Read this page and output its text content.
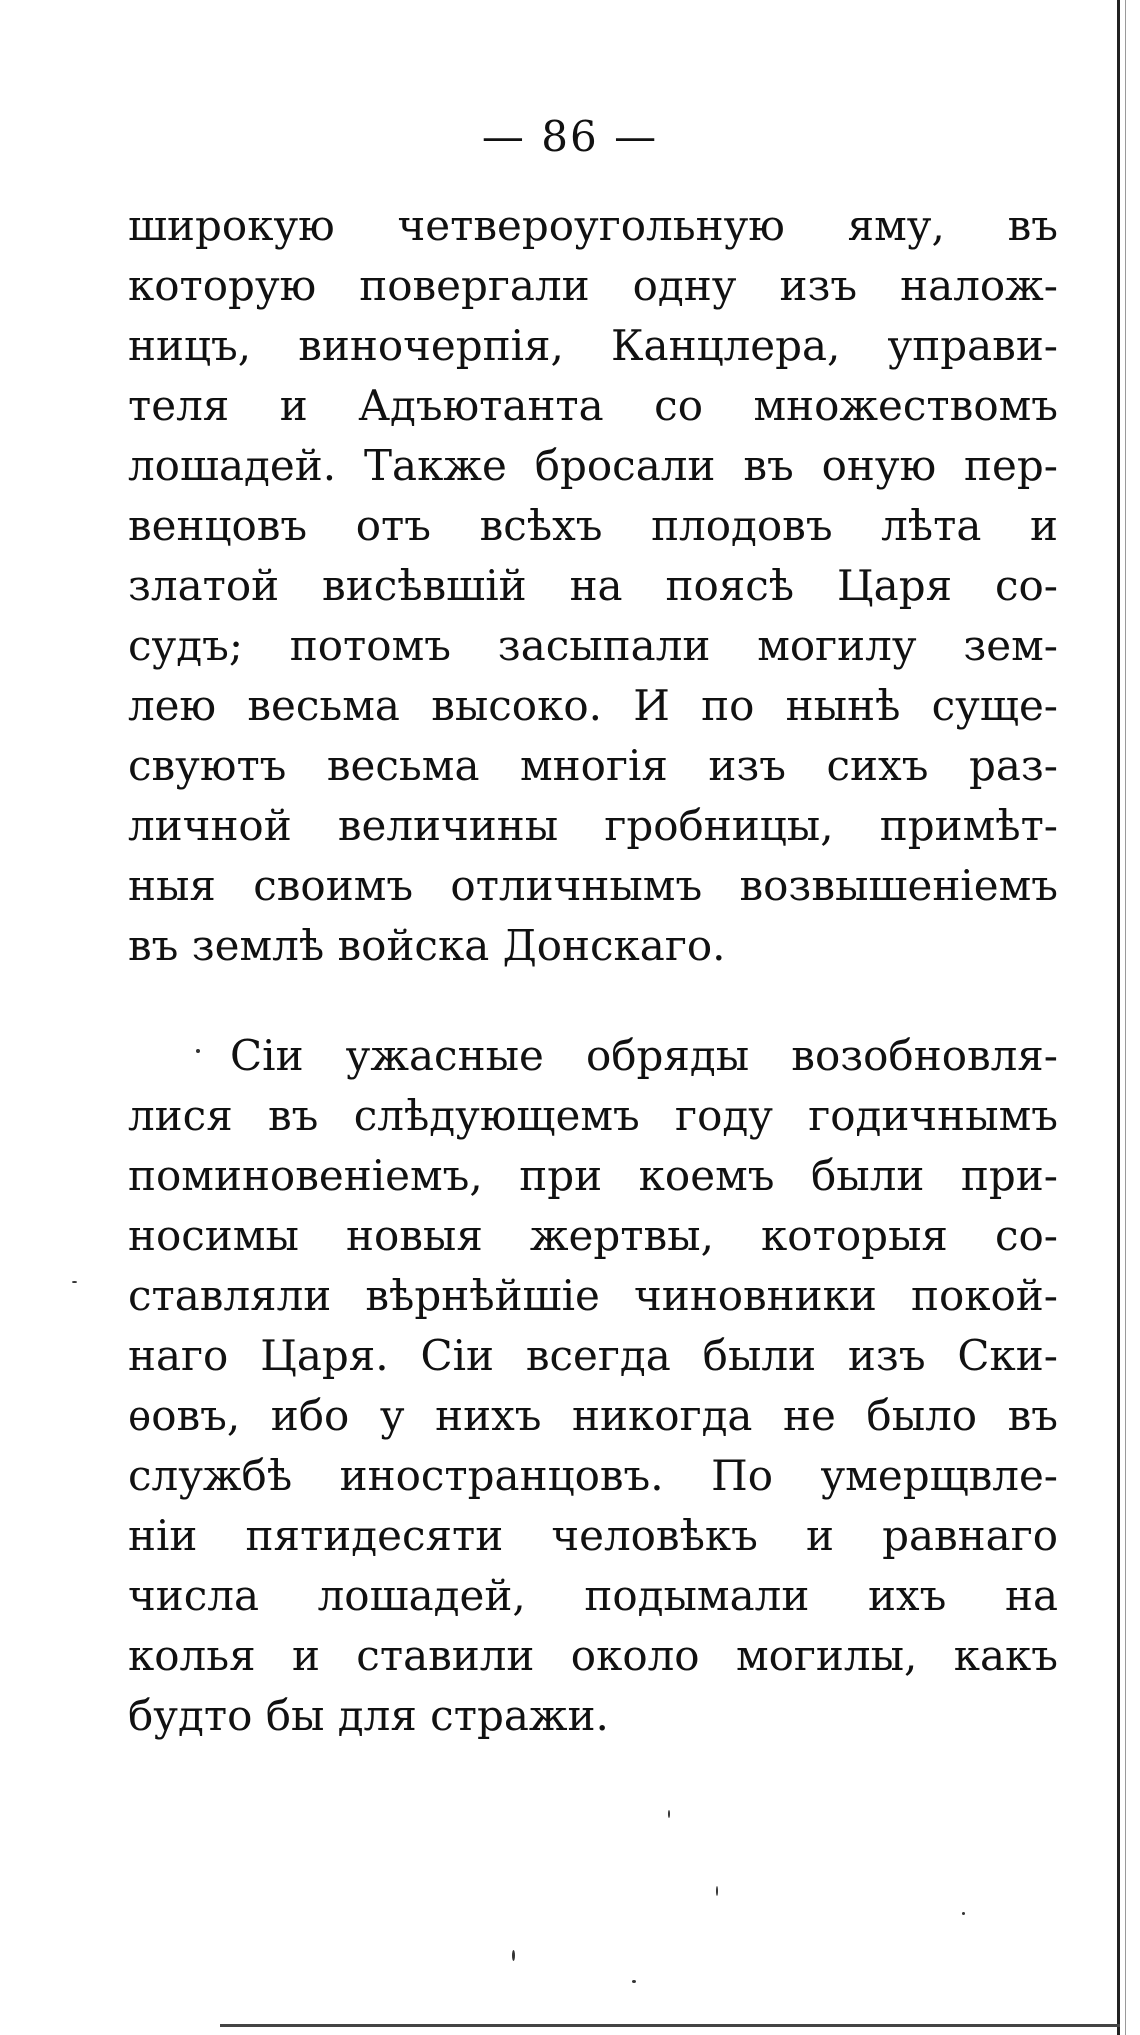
— 86 —
широкую четвероугольную яму, въ
которую повергали одну изъ налож-
ницъ, виночерпія, Канцлера, управи-
теля и Адъютанта со множествомъ
лошадей. Также бросали въ оную пер-
венцовъ отъ всѣхъ плодовъ лѣта и
златой висѣвшій на поясѣ Царя со-
судъ; потомъ засыпали могилу зем-
лею весьма высоко. И по нынѣ суще-
свуютъ весьма многія изъ сихъ раз-
личной величины гробницы, примѣт-
ныя своимъ отличнымъ возвышеніемъ
въ землѣ войска Донскаго.
Сіи ужасные обряды возобновля-
лися въ слѣдующемъ году годичнымъ
поминовеніемъ, при коемъ были при-
носимы новыя жертвы, которыя со-
ставляли вѣрнѣйшіе чиновники покой-
наго Царя. Сіи всегда были изъ Ски-
ѳовъ, ибо у нихъ никогда не было въ
службѣ иностранцовъ. По умерщвле-
ніи пятидесяти человѣкъ и равнаго
числа лошадей, подымали ихъ на
колья и ставили около могилы, какъ
будто бы для стражи.
